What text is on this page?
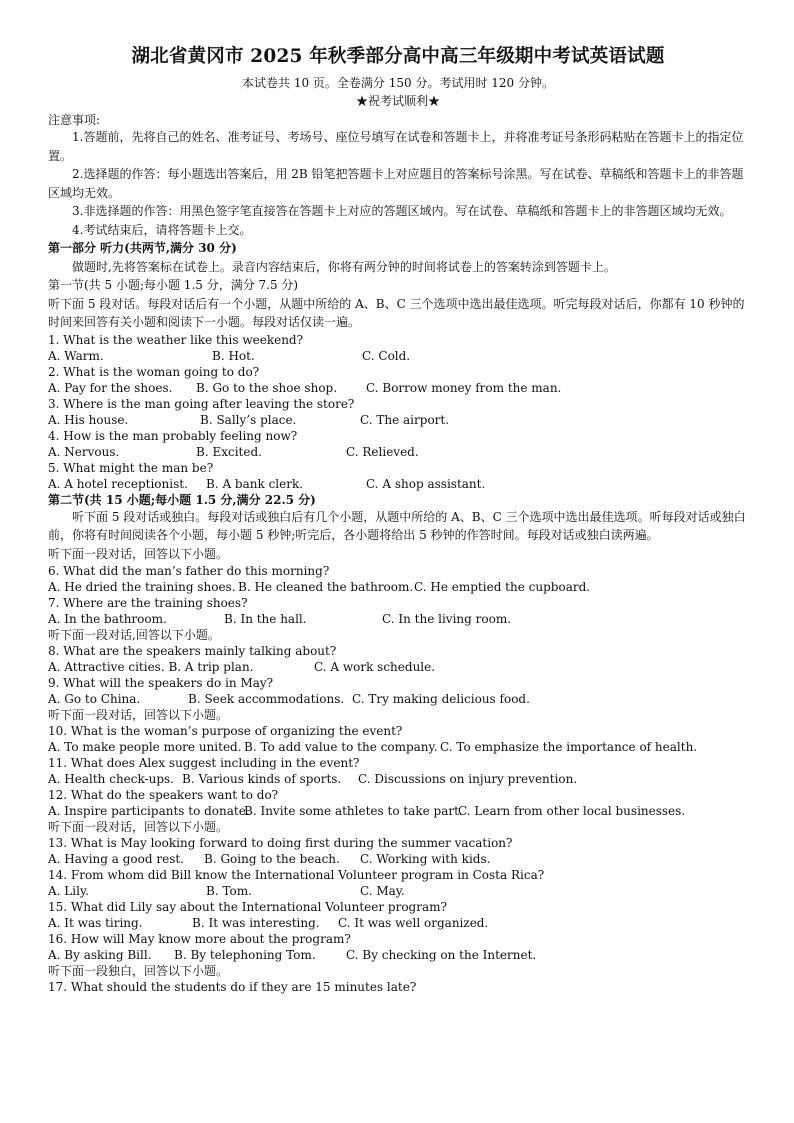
湖北省黄冈市 2025 年秋季部分高中高三年级期中考试英语试题
本试卷共 10 页。全卷满分 150 分。考试用时 120 分钟。
★祝考试顺利★
注意事项:
1.答题前，先将自己的姓名、准考证号、考场号、座位号填写在试卷和答题卡上，并将准考证号条形码粘贴在答题卡上的指定位置。
2.选择题的作答：每小题选出答案后，用 2B 铅笔把答题卡上对应题目的答案标号涂黑。写在试卷、草稿纸和答题卡上的非答题区域均无效。
3.非选择题的作答：用黑色签字笔直接答在答题卡上对应的答题区域内。写在试卷、草稿纸和答题卡上的非答题区域均无效。
4.考试结束后，请将答题卡上交。
第一部分 听力(共两节,满分 30 分)
做题时,先将答案标在试卷上。录音内容结束后，你将有两分钟的时间将试卷上的答案转涂到答题卡上。
第一节(共 5 小题;每小题 1.5 分，满分 7.5 分)
听下面 5 段对话。每段对话后有一个小题，从题中所给的 A、B、C 三个选项中选出最佳选项。听完每段对话后，你都有 10 秒钟的时间来回答有关小题和阅读下一小题。每段对话仅读一遍。
1. What is the weather like this weekend?
A. Warm.	B. Hot.	C. Cold.
2. What is the woman going to do?
A. Pay for the shoes.	B. Go to the shoe shop.	C. Borrow money from the man.
3. Where is the man going after leaving the store?
A. His house.	B. Sally’s place.	C. The airport.
4. How is the man probably feeling now?
A. Nervous.	B. Excited.	C. Relieved.
5. What might the man be?
A. A hotel receptionist.	B. A bank clerk.	C. A shop assistant.
第二节(共 15 小题;每小题 1.5 分,满分 22.5 分)
听下面 5 段对话或独白。每段对话或独白后有几个小题，从题中所给的 A、B、C 三个选项中选出最佳选项。听每段对话或独白前，你将有时间阅读各个小题，每小题 5 秒钟;听完后，各小题将给出 5 秒钟的作答时间。每段对话或独白读两遍。
听下面一段对话，回答以下小题。
6. What did the man’s father do this morning?
A. He dried the training shoes. B. He cleaned the bathroom. C. He emptied the cupboard.
7. Where are the training shoes?
A. In the bathroom.	B. In the hall.	C. In the living room.
听下面一段对话,回答以下小题。
8. What are the speakers mainly talking about?
A. Attractive cities. B. A trip plan.	C. A work schedule.
9. What will the speakers do in May?
A. Go to China.	B. Seek accommodations. C. Try making delicious food.
听下面一段对话，回答以下小题。
10. What is the woman’s purpose of organizing the event?
A. To make people more united. B. To add value to the company. C. To emphasize the importance of health.
11. What does Alex suggest including in the event?
A. Health check-ups. B. Various kinds of sports.	C. Discussions on injury prevention.
12. What do the speakers want to do?
A. Inspire participants to donate.
B. Invite some athletes to take part.
C. Learn from other local businesses.
听下面一段对话，回答以下小题。
13. What is May looking forward to doing first during the summer vacation?
A. Having a good rest.	B. Going to the beach.	C. Working with kids.
14. From whom did Bill know the International Volunteer program in Costa Rica?
A. Lily.	B. Tom.	C. May.
15. What did Lily say about the International Volunteer program?
A. It was tiring.	B. It was interesting.	C. It was well organized.
16. How will May know more about the program?
A. By asking Bill.	B. By telephoning Tom.	C. By checking on the Internet.
听下面一段独白，回答以下小题。
17. What should the students do if they are 15 minutes late?
